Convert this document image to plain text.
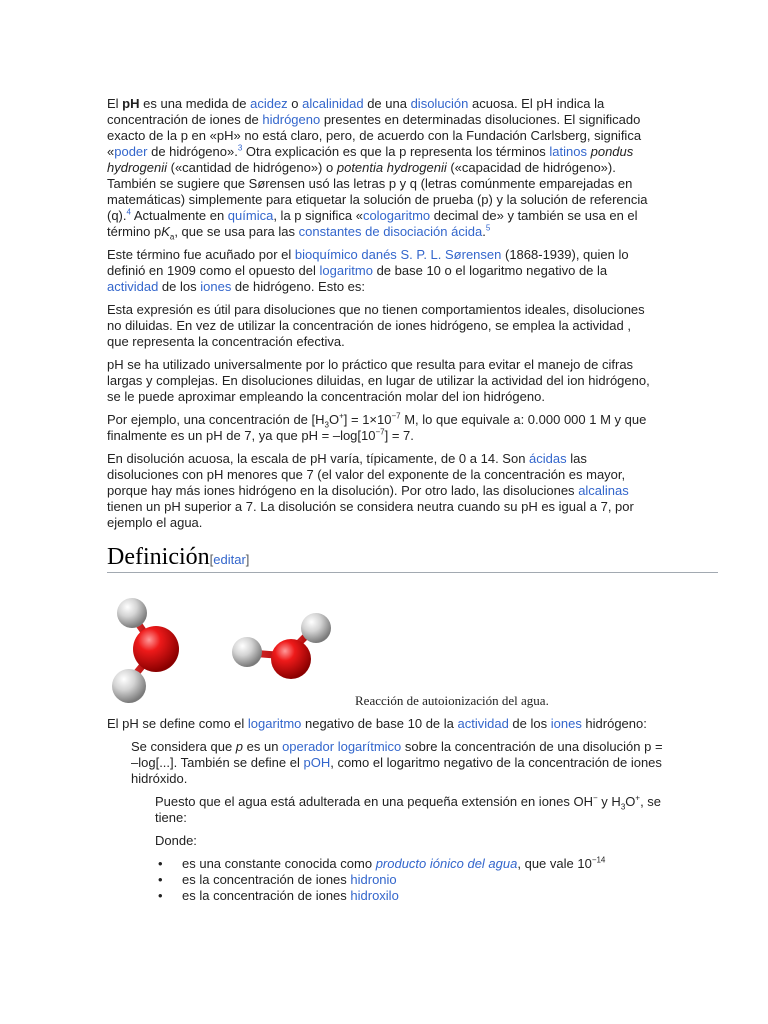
El pH es una medida de acidez o alcalinidad de una disolución acuosa. El pH indica la concentración de iones de hidrógeno presentes en determinadas disoluciones. El significado exacto de la p en «pH» no está claro, pero, de acuerdo con la Fundación Carlsberg, significa «poder de hidrógeno».$^3$ Otra explicación es que la p representa los términos latinos pondus hydrogenii («cantidad de hidrógeno») o potentia hydrogenii («capacidad de hidrógeno»). También se sugiere que Sørensen usó las letras p y q (letras comúnmente emparejadas en matemáticas) simplemente para etiquetar la solución de prueba (p) y la solución de referencia (q).$^4$ Actualmente en química, la p significa «cologaritmo decimal de» y también se usa en el término $pK_a$, que se usa para las constantes de disociación ácida.$^5$

Este término fue acuñado por el bioquímico danés S. P. L. Sørensen (1868-1939), quien lo definió en 1909 como el opuesto del logaritmo de base 10 o el logaritmo negativo de la actividad de los iones de hidrógeno. Esto es:

Esta expresión es útil para disoluciones que no tienen comportamientos ideales, disoluciones no diluidas. En vez de utilizar la concentración de iones hidrógeno, se emplea la actividad , que representa la concentración efectiva.

pH se ha utilizado universalmente por lo práctico que resulta para evitar el manejo de cifras largas y complejas. En disoluciones diluidas, en lugar de utilizar la actividad del ion hidrógeno, se le puede aproximar empleando la concentración molar del ion hidrógeno.

Por ejemplo, una concentración de $[H_3O^+] = 1\times 10^{-7}$ M, lo que equivale a: 0.000 000 1 M y que finalmente es un pH de 7, ya que pH = $-\log[10^{-7}] = 7$.

En disolución acuosa, la escala de pH varía, típicamente, de 0 a 14. Son ácidas las disoluciones con pH menores que 7 (el valor del exponente de la concentración es mayor, porque hay más iones hidrógeno en la disolución). Por otro lado, las disoluciones alcalinas tienen un pH superior a 7. La disolución se considera neutra cuando su pH es igual a 7, por ejemplo el agua.

Definición[editar]
Reacción de autoionización del agua.

El pH se define como el logaritmo negativo de base 10 de la actividad de los iones hidrógeno:

Se considera que p es un operador logarítmico sobre la concentración de una disolución p = –log[...]. También se define el pOH, como el logaritmo negativo de la concentración de iones hidróxido.

Puesto que el agua está adulterada en una pequeña extensión en iones OH− y $H_3O^+$, se tiene:

Donde:

• es una constante conocida como producto iónico del agua, que vale $10^{-14}$
• es la concentración de iones hidronio
• es la concentración de iones hidroxilo
